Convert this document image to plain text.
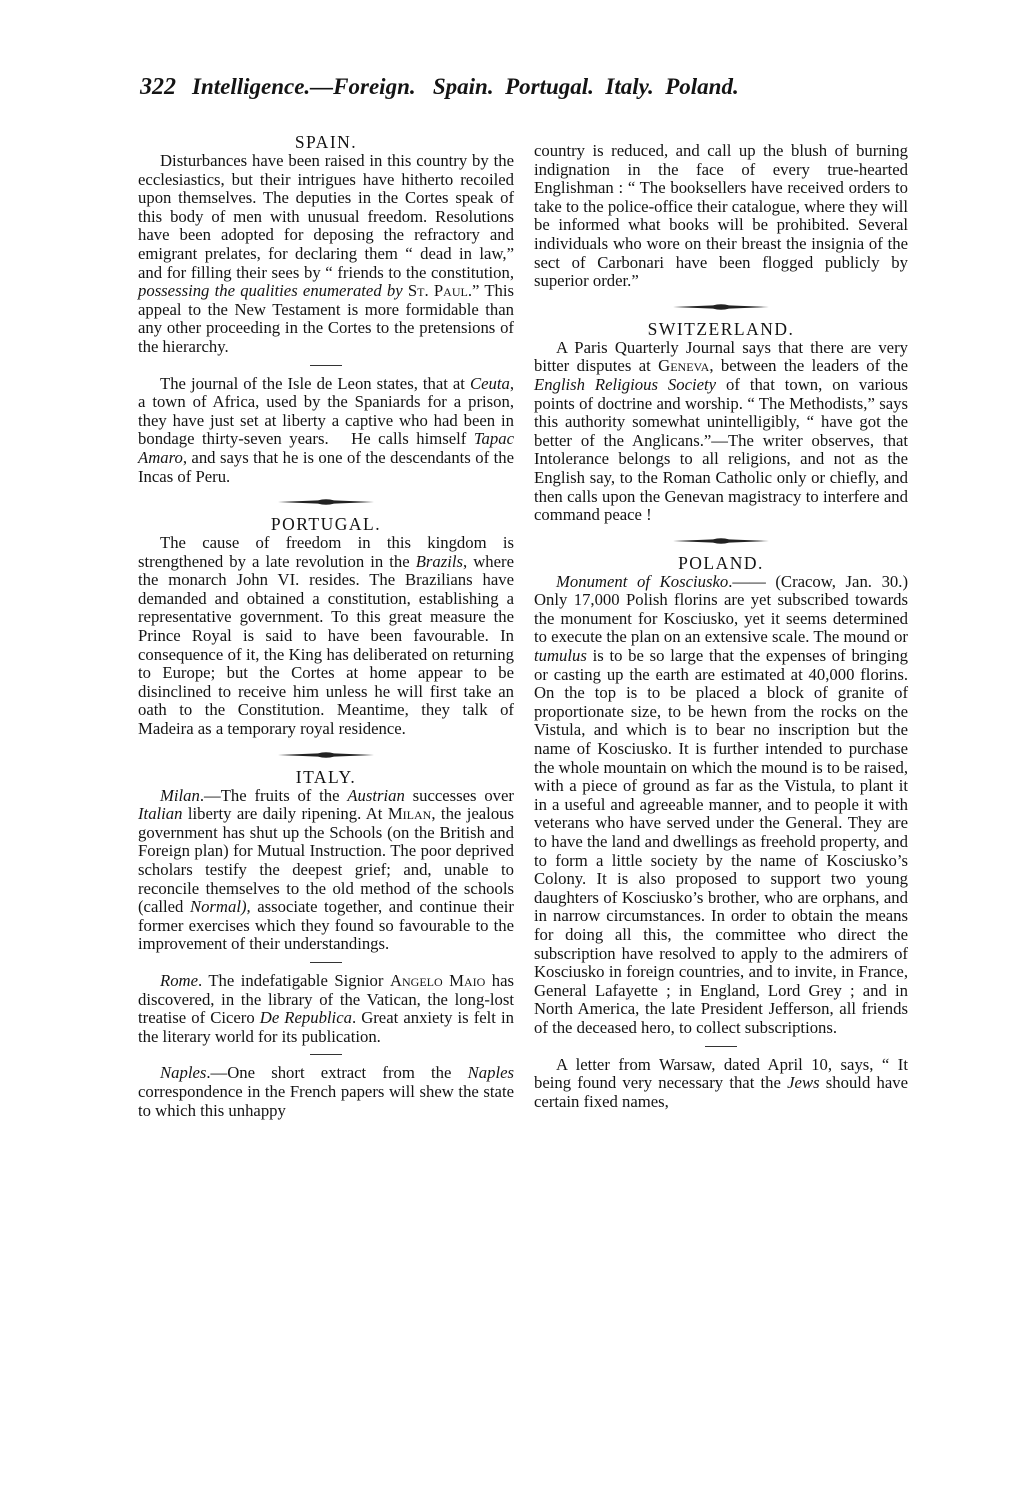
322 Intelligence.—Foreign.   Spain.  Portugal.  Italy.  Poland.
SPAIN.

Disturbances have been raised in this country by the ecclesiastics, but their intrigues have hitherto recoiled upon themselves. The deputies in the Cortes speak of this body of men with unusual freedom. Resolutions have been adopted for deposing the refractory and emigrant prelates, for declaring them “ dead in law,” and for filling their sees by “ friends to the constitution, possessing the qualities enumerated by St. Paul.” This appeal to the New Testament is more formidable than any other proceeding in the Cortes to the pretensions of the hierarchy.

The journal of the Isle de Leon states, that at Ceuta, a town of Africa, used by the Spaniards for a prison, they have just set at liberty a captive who had been in bondage thirty-seven years.   He calls himself Tapac Amaro, and says that he is one of the descendants of the Incas of Peru.

PORTUGAL.

The cause of freedom in this kingdom is strengthened by a late revolution in the Brazils, where the monarch John VI. resides. The Brazilians have demanded and obtained a constitution, establishing a representative government. To this great measure the Prince Royal is said to have been favourable. In consequence of it, the King has deliberated on returning to Europe; but the Cortes at home appear to be disinclined to receive him unless he will first take an oath to the Constitution. Meantime, they talk of Madeira as a temporary royal residence.

ITALY.

Milan.—The fruits of the Austrian successes over Italian liberty are daily ripening. At Milan, the jealous government has shut up the Schools (on the British and Foreign plan) for Mutual Instruction. The poor deprived scholars testify the deepest grief; and, unable to reconcile themselves to the old method of the schools (called Normal), associate together, and continue their former exercises which they found so favourable to the improvement of their understandings.

Rome. The indefatigable Signior Angelo Maio has discovered, in the library of the Vatican, the long-lost treatise of Cicero De Republica. Great anxiety is felt in the literary world for its publication.

Naples.—One short extract from the Naples correspondence in the French papers will shew the state to which this unhappy

country is reduced, and call up the blush of burning indignation in the face of every true-hearted Englishman : “ The booksellers have received orders to take to the police-office their catalogue, where they will be informed what books will be prohibited. Several individuals who wore on their breast the insignia of the sect of Carbonari have been flogged publicly by superior order.”

SWITZERLAND.

A Paris Quarterly Journal says that there are very bitter disputes at Geneva, between the leaders of the English Religious Society of that town, on various points of doctrine and worship. “ The Methodists,” says this authority somewhat unintelligibly, “ have got the better of the Anglicans.”—The writer observes, that Intolerance belongs to all religions, and not as the English say, to the Roman Catholic only or chiefly, and then calls upon the Genevan magistracy to interfere and command peace !

POLAND.

Monument of Kosciusko.—— (Cracow, Jan. 30.) Only 17,000 Polish florins are yet subscribed towards the monument for Kosciusko, yet it seems determined to execute the plan on an extensive scale. The mound or tumulus is to be so large that the expenses of bringing or casting up the earth are estimated at 40,000 florins. On the top is to be placed a block of granite of proportionate size, to be hewn from the rocks on the Vistula, and which is to bear no inscription but the name of Kosciusko. It is further intended to purchase the whole mountain on which the mound is to be raised, with a piece of ground as far as the Vistula, to plant it in a useful and agreeable manner, and to people it with veterans who have served under the General. They are to have the land and dwellings as freehold property, and to form a little society by the name of Kosciusko’s Colony. It is also proposed to support two young daughters of Kosciusko’s brother, who are orphans, and in narrow circumstances. In order to obtain the means for doing all this, the committee who direct the subscription have resolved to apply to the admirers of Kosciusko in foreign countries, and to invite, in France, General Lafayette ; in England, Lord Grey ; and in North America, the late President Jefferson, all friends of the deceased hero, to collect subscriptions.

A letter from Warsaw, dated April 10, says, “ It being found very necessary that the Jews should have certain fixed names,
